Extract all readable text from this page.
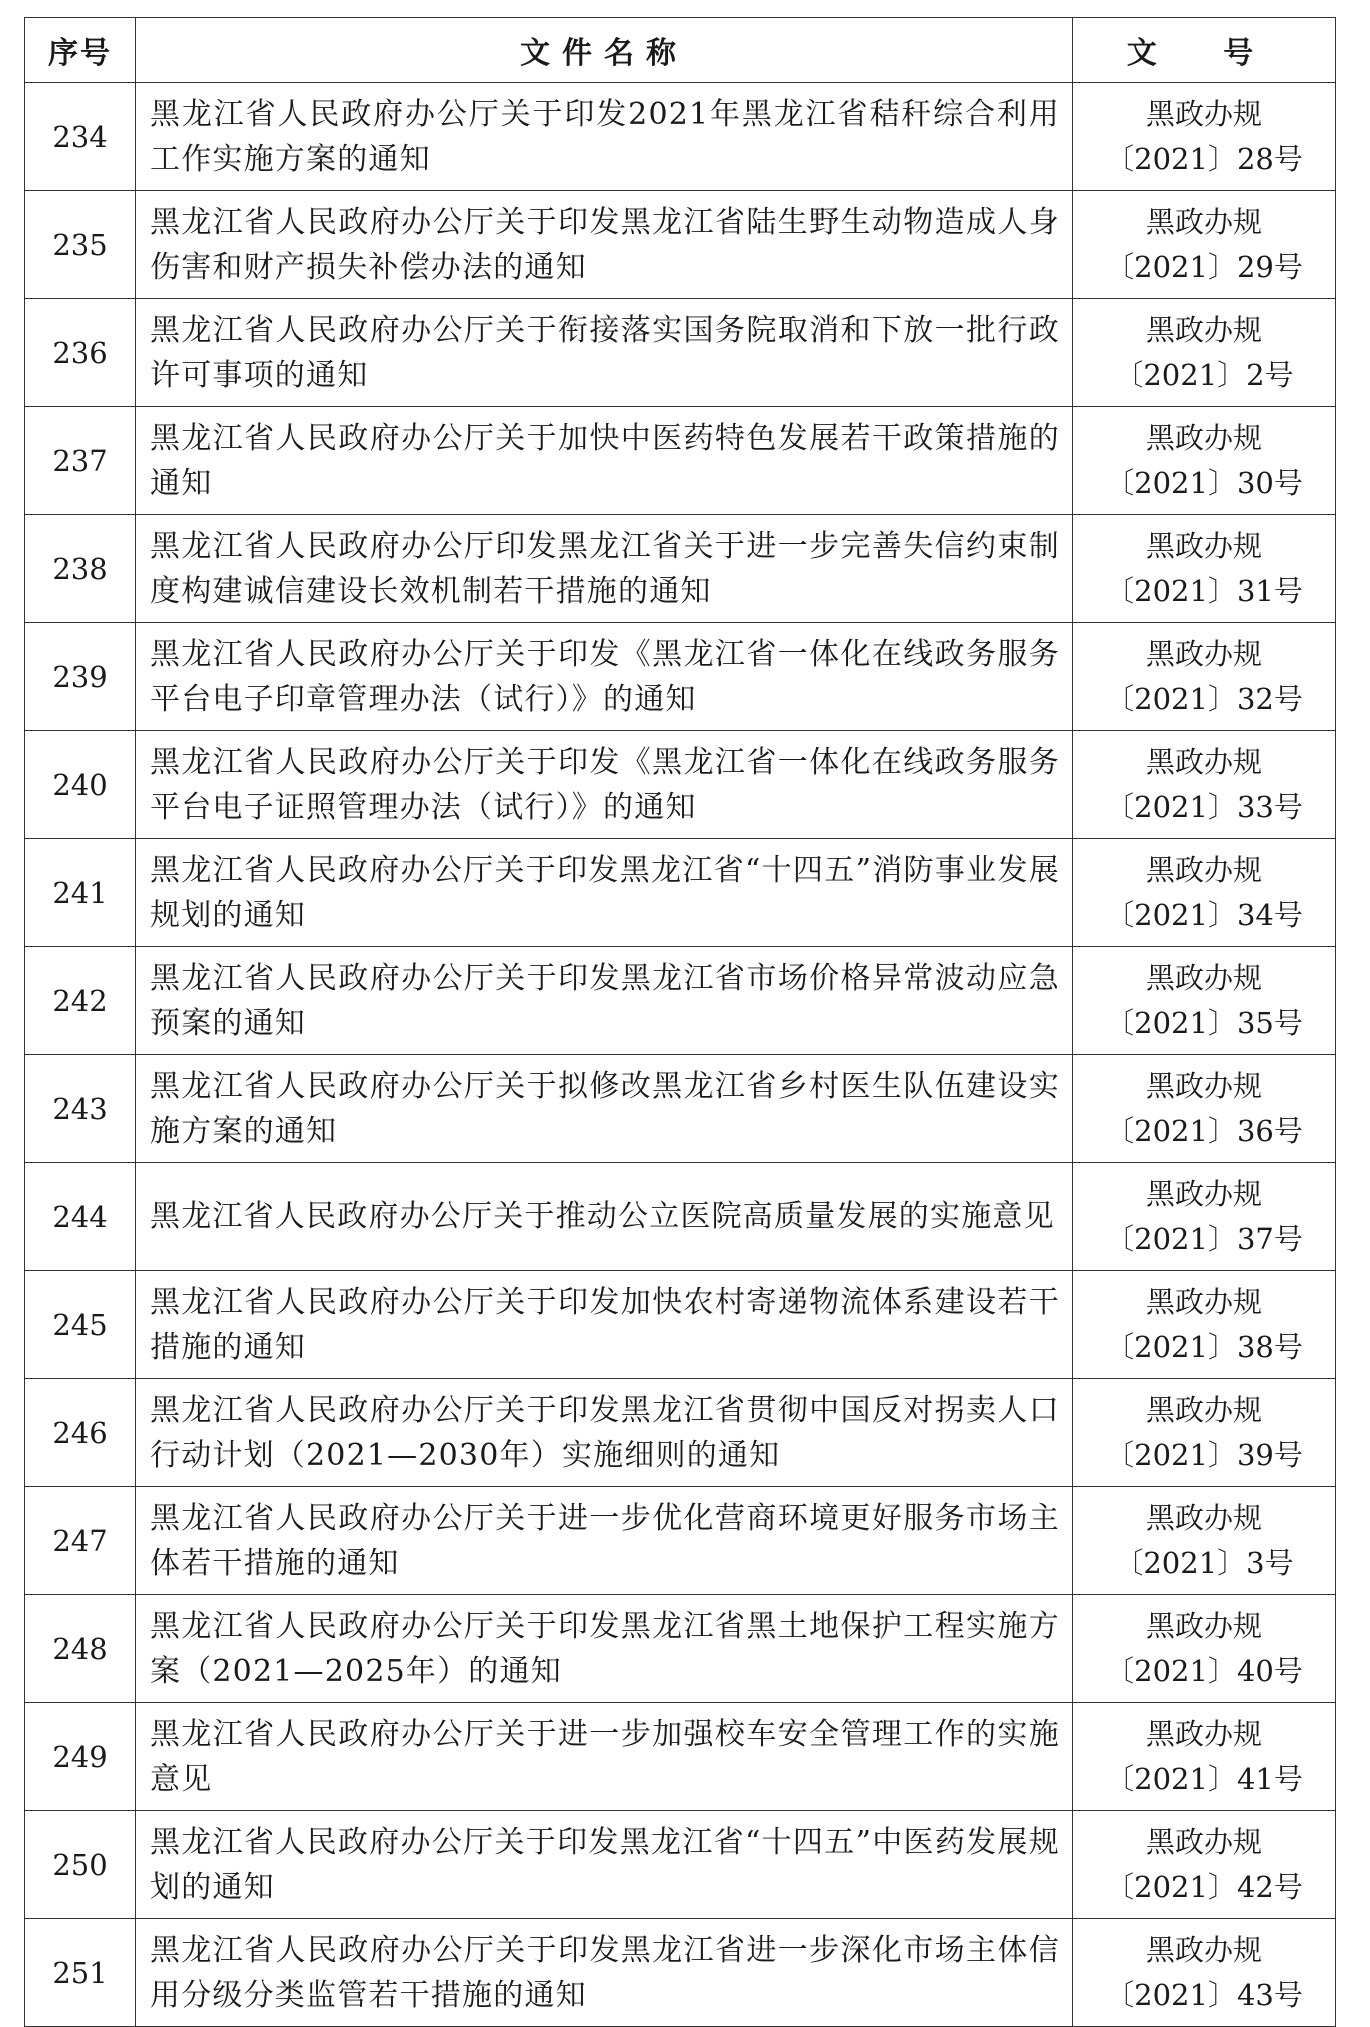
序号	文件名称	文 号
234	黑龙江省人民政府办公厅关于印发2021年黑龙江省秸秆综合利用工作实施方案的通知	黑政办规
〔2021〕28号

235	黑龙江省人民政府办公厅关于印发黑龙江省陆生野生动物造成人身伤害和财产损失补偿办法的通知	黑政办规
〔2021〕29号

236	黑龙江省人民政府办公厅关于衔接落实国务院取消和下放一批行政许可事项的通知	黑政办规
〔2021〕2号

237	黑龙江省人民政府办公厅关于加快中医药特色发展若干政策措施的通知	黑政办规
〔2021〕30号

238	黑龙江省人民政府办公厅印发黑龙江省关于进一步完善失信约束制度构建诚信建设长效机制若干措施的通知	黑政办规
〔2021〕31号

239	黑龙江省人民政府办公厅关于印发《黑龙江省一体化在线政务服务平台电子印章管理办法（试行）》的通知	黑政办规
〔2021〕32号

240	黑龙江省人民政府办公厅关于印发《黑龙江省一体化在线政务服务平台电子证照管理办法（试行）》的通知	黑政办规
〔2021〕33号

241	黑龙江省人民政府办公厅关于印发黑龙江省“十四五”消防事业发展规划的通知	黑政办规
〔2021〕34号

242	黑龙江省人民政府办公厅关于印发黑龙江省市场价格异常波动应急预案的通知	黑政办规
〔2021〕35号

243	黑龙江省人民政府办公厅关于拟修改黑龙江省乡村医生队伍建设实施方案的通知	黑政办规
〔2021〕36号

244	黑龙江省人民政府办公厅关于推动公立医院高质量发展的实施意见	黑政办规
〔2021〕37号

245	黑龙江省人民政府办公厅关于印发加快农村寄递物流体系建设若干措施的通知	黑政办规
〔2021〕38号

246	黑龙江省人民政府办公厅关于印发黑龙江省贯彻中国反对拐卖人口行动计划（2021—2030年）实施细则的通知	黑政办规
〔2021〕39号

247	黑龙江省人民政府办公厅关于进一步优化营商环境更好服务市场主体若干措施的通知	黑政办规
〔2021〕3号

248	黑龙江省人民政府办公厅关于印发黑龙江省黑土地保护工程实施方案（2021—2025年）的通知	黑政办规
〔2021〕40号

249	黑龙江省人民政府办公厅关于进一步加强校车安全管理工作的实施意见	黑政办规
〔2021〕41号

250	黑龙江省人民政府办公厅关于印发黑龙江省“十四五”中医药发展规划的通知	黑政办规
〔2021〕42号

251	黑龙江省人民政府办公厅关于印发黑龙江省进一步深化市场主体信用分级分类监管若干措施的通知	黑政办规
〔2021〕43号
